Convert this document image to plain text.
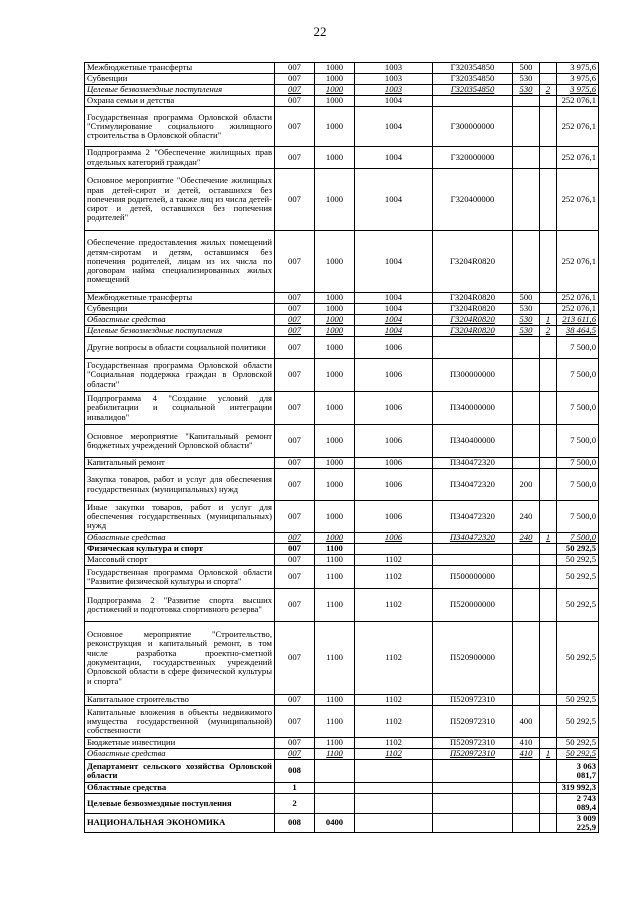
22
Межбюджетные трансферты	007	1000	1003	Г320354850	500		3 975,6
Субвенции	007	1000	1003	Г320354850	530		3 975,6
Целевые безвозмездные поступления	007	1000	1003	Г320354850	530	2	3 975,6
Охрана семьи и детства	007	1000	1004				252 076,1
Государственная программа Орловской области "Стимулирование социального жилищного строительства в Орловской области"	007	1000	1004	Г300000000			252 076,1
Подпрограмма 2 "Обеспечение жилищных прав отдельных категорий граждан"	007	1000	1004	Г320000000			252 076,1
Основное мероприятие "Обеспечение жилищных прав детей-сирот и детей, оставшихся без попечения родителей, а также лиц из числа детей-сирот и детей, оставшихся без попечения родителей"	007	1000	1004	Г320400000			252 076,1
Обеспечение предоставления жилых помещений детям-сиротам и детям, оставшимся без попечения родителей, лицам из их числа по договорам найма специализированных жилых помещений	007	1000	1004	Г3204R0820			252 076,1
Межбюджетные трансферты	007	1000	1004	Г3204R0820	500		252 076,1
Субвенции	007	1000	1004	Г3204R0820	530		252 076,1
Областные средства	007	1000	1004	Г3204R0820	530	1	213 611,6
Целевые безвозмездные поступления	007	1000	1004	Г3204R0820	530	2	38 464,5
Другие вопросы в области социальной политики	007	1000	1006				7 500,0
Государственная программа Орловской области "Социальная поддержка граждан в Орловской области"	007	1000	1006	П300000000			7 500,0
Подпрограмма 4 "Создание условий для реабилитации и социальной интеграции инвалидов"	007	1000	1006	П340000000			7 500,0
Основное мероприятие "Капитальный ремонт бюджетных учреждений Орловской области"	007	1000	1006	П340400000			7 500,0
Капитальный ремонт	007	1000	1006	П340472320			7 500,0
Закупка товаров, работ и услуг для обеспечения государственных (муниципальных) нужд	007	1000	1006	П340472320	200		7 500,0
Иные закупки товаров, работ и услуг для обеспечения государственных (муниципальных) нужд	007	1000	1006	П340472320	240		7 500,0
Областные средства	007	1000	1006	П340472320	240	1	7 500,0
Физическая культура и спорт	007	1100					50 292,5
Массовый спорт	007	1100	1102				50 292,5
Государственная программа Орловской области "Развитие физической культуры и спорта"	007	1100	1102	П500000000			50 292,5
Подпрограмма 2 "Развитие спорта высших достижений и подготовка спортивного резерва"	007	1100	1102	П520000000			50 292,5
Основное мероприятие "Строительство, реконструкция и капитальный ремонт, в том числе разработка проектно-сметной документации, государственных учреждений Орловской области в сфере физической культуры и спорта"	007	1100	1102	П520900000			50 292,5
Капитальное строительство	007	1100	1102	П520972310			50 292,5
Капитальные вложения в объекты недвижимого имущества государственной (муниципальной) собственности	007	1100	1102	П520972310	400		50 292,5
Бюджетные инвестиции	007	1100	1102	П520972310	410		50 292,5
Областные средства	007	1100	1102	П520972310	410	1	50 292,5
Департамент сельского хозяйства Орловской области	008						3 063 081,7
Областные средства	1						319 992,3
Целевые безвозмездные поступления	2						2 743 089,4
НАЦИОНАЛЬНАЯ ЭКОНОМИКА	008	0400					3 009 225,9
